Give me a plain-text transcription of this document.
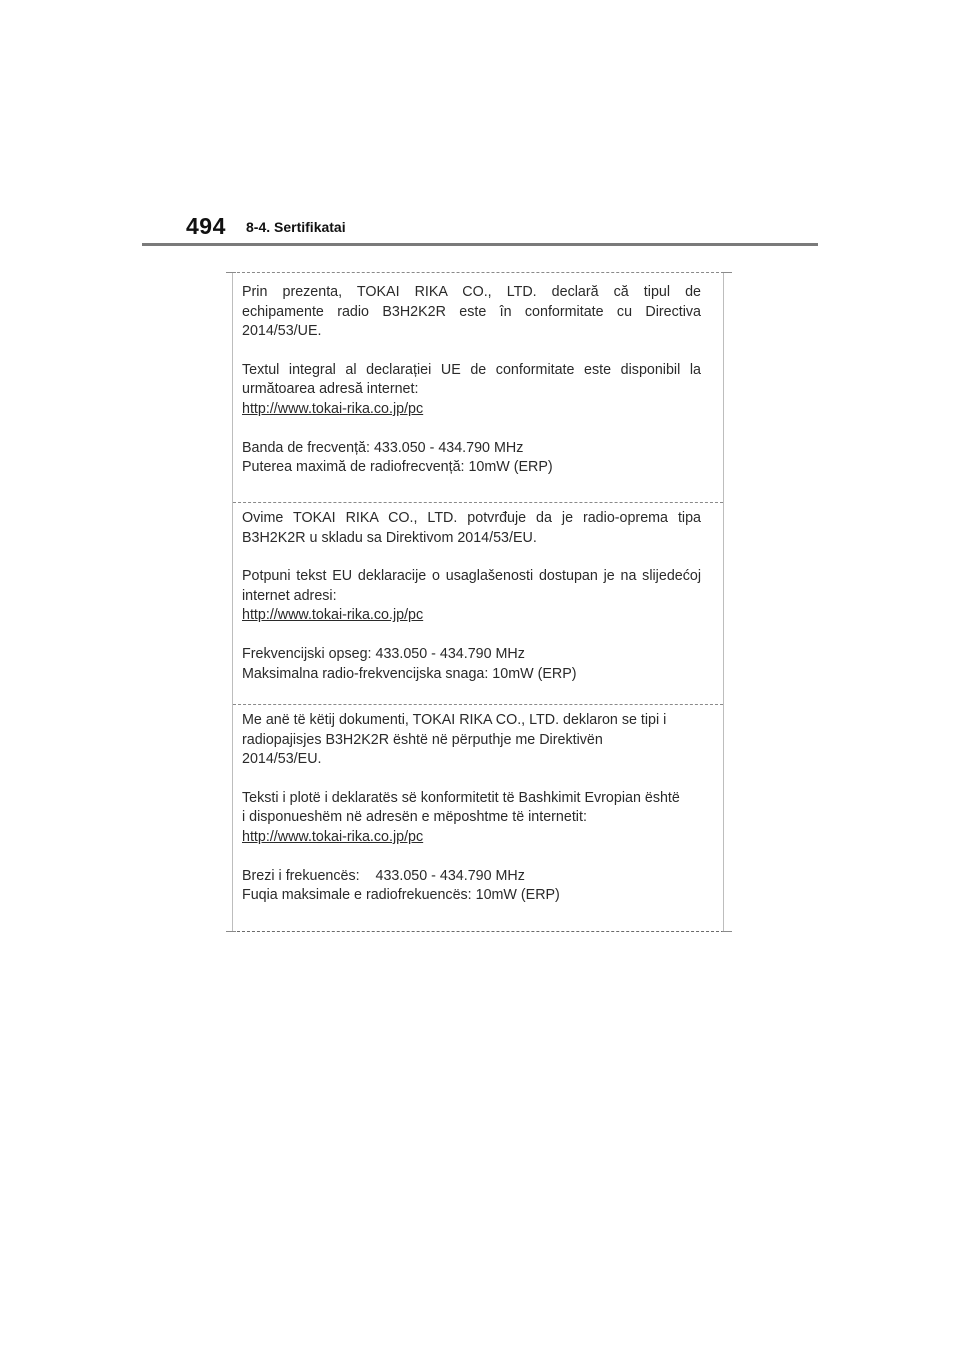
494 8-4. Sertifikatai
Prin prezenta, TOKAI RIKA CO., LTD. declară că tipul de
echipamente radio B3H2K2R este în conformitate cu Directiva
2014/53/UE.
Textul integral al declarației UE de conformitate este disponibil la
următoarea adresă internet:
http://www.tokai-rika.co.jp/pc
Banda de frecvență: 433.050 - 434.790 MHz
Puterea maximă de radiofrecvență: 10mW (ERP)
Ovime TOKAI RIKA CO., LTD. potvrđuje da je radio-oprema tipa
B3H2K2R u skladu sa Direktivom 2014/53/EU.
Potpuni tekst EU deklaracije o usaglašenosti dostupan je na slijedećoj
internet adresi:
http://www.tokai-rika.co.jp/pc
Frekvencijski opseg: 433.050 - 434.790 MHz
Maksimalna radio-frekvencijska snaga: 10mW (ERP)
Me anë të këtij dokumenti, TOKAI RIKA CO., LTD. deklaron se tipi i
radiopajisjes B3H2K2R është në përputhje me Direktivën
2014/53/EU.
Teksti i plotë i deklaratës së konformitetit të Bashkimit Evropian është
i disponueshëm në adresën e mëposhtme të internetit:
http://www.tokai-rika.co.jp/pc
Brezi i frekuencës:    433.050 - 434.790 MHz
Fuqia maksimale e radiofrekuencës: 10mW (ERP)
